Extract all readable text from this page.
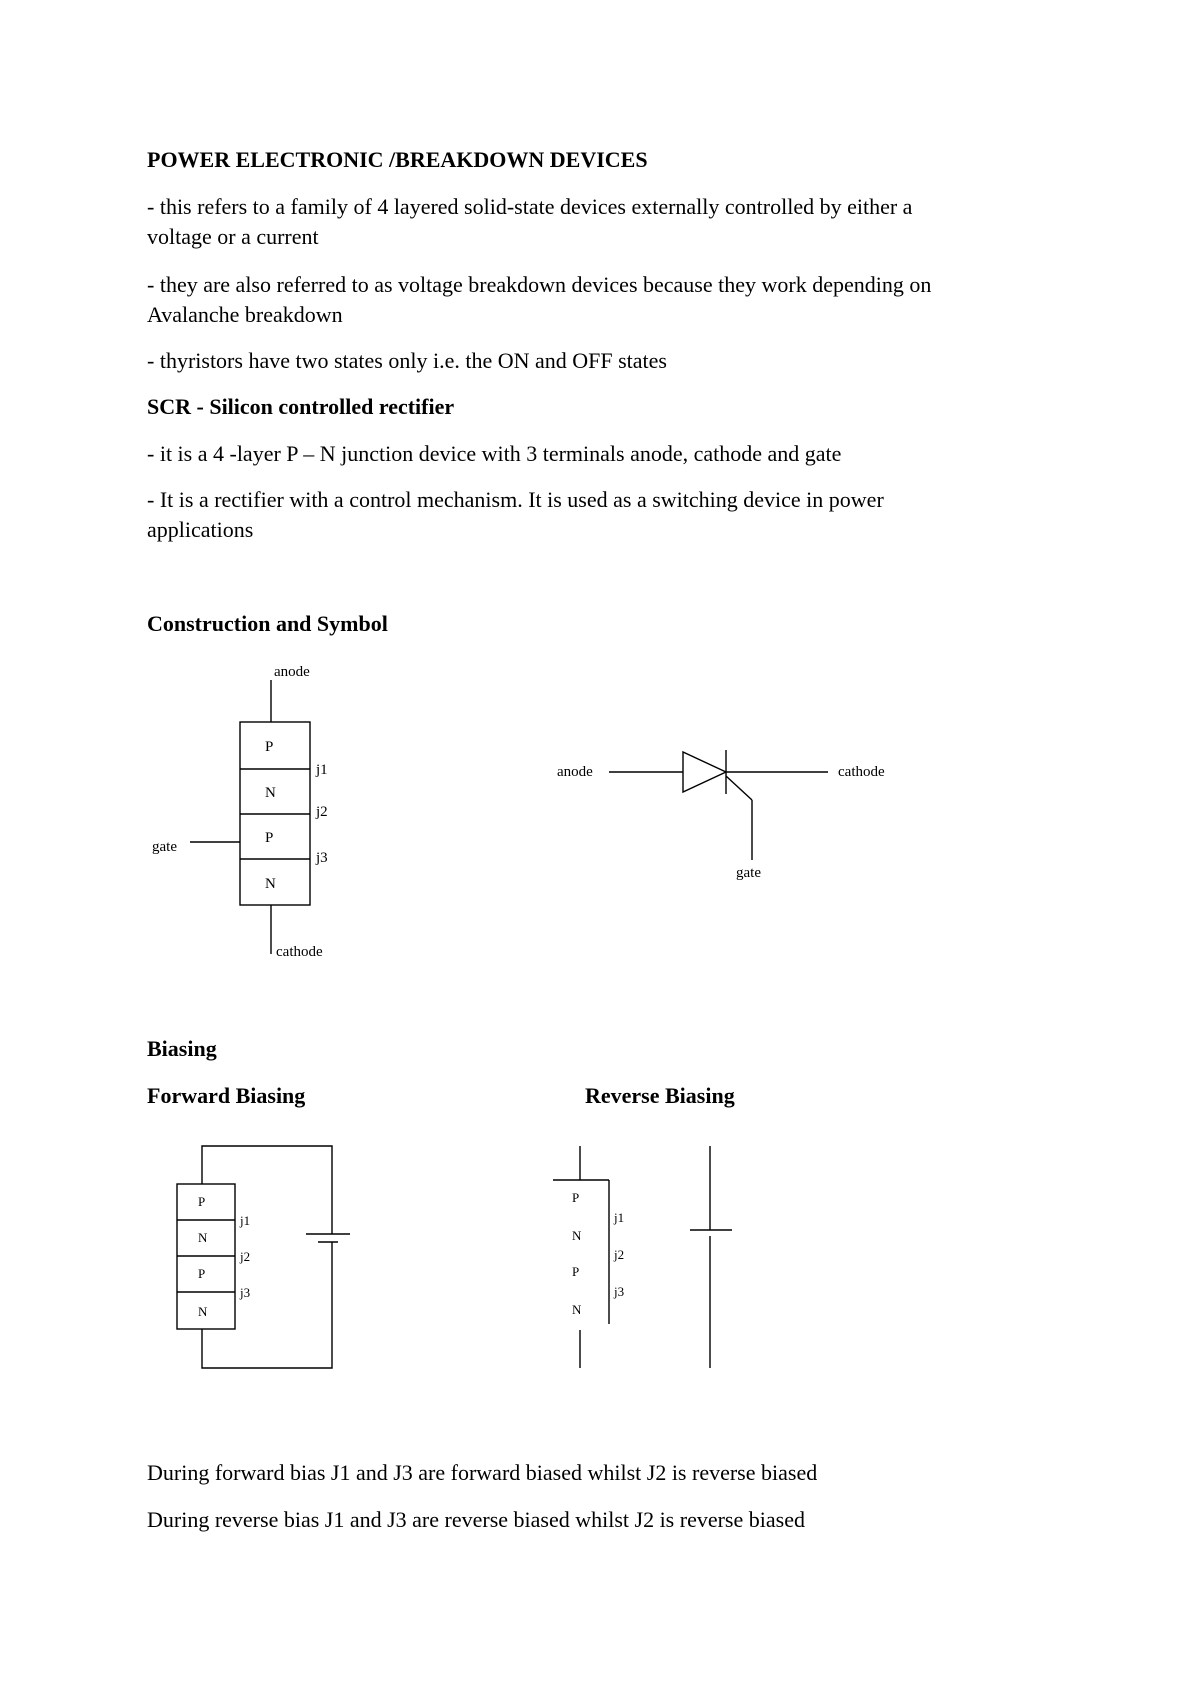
POWER ELECTRONIC /BREAKDOWN DEVICES

- this refers to a family of 4 layered solid-state devices externally controlled by either a

voltage or a current

- they are also referred to as voltage breakdown devices because they work depending on

Avalanche breakdown

- thyristors have two states only i.e. the ON and OFF states

SCR - Silicon controlled rectifier

- it is a 4 -layer P – N junction device with 3 terminals anode, cathode and gate

- It is a rectifier with a control mechanism. It is used as a switching device in power

applications

Construction and Symbol

Biasing

Forward Biasing	Reverse Biasing

During forward bias J1 and J3 are forward biased whilst J2 is reverse biased

During reverse bias J1 and J3 are reverse biased whilst J2 is reverse biased

anode
P
N
P
N
j1
j2
j3
gate
cathode
anode	cathode
gate
P
N
P
N
j1
j2
j3
P
N
P
N
j1
j2
j3
